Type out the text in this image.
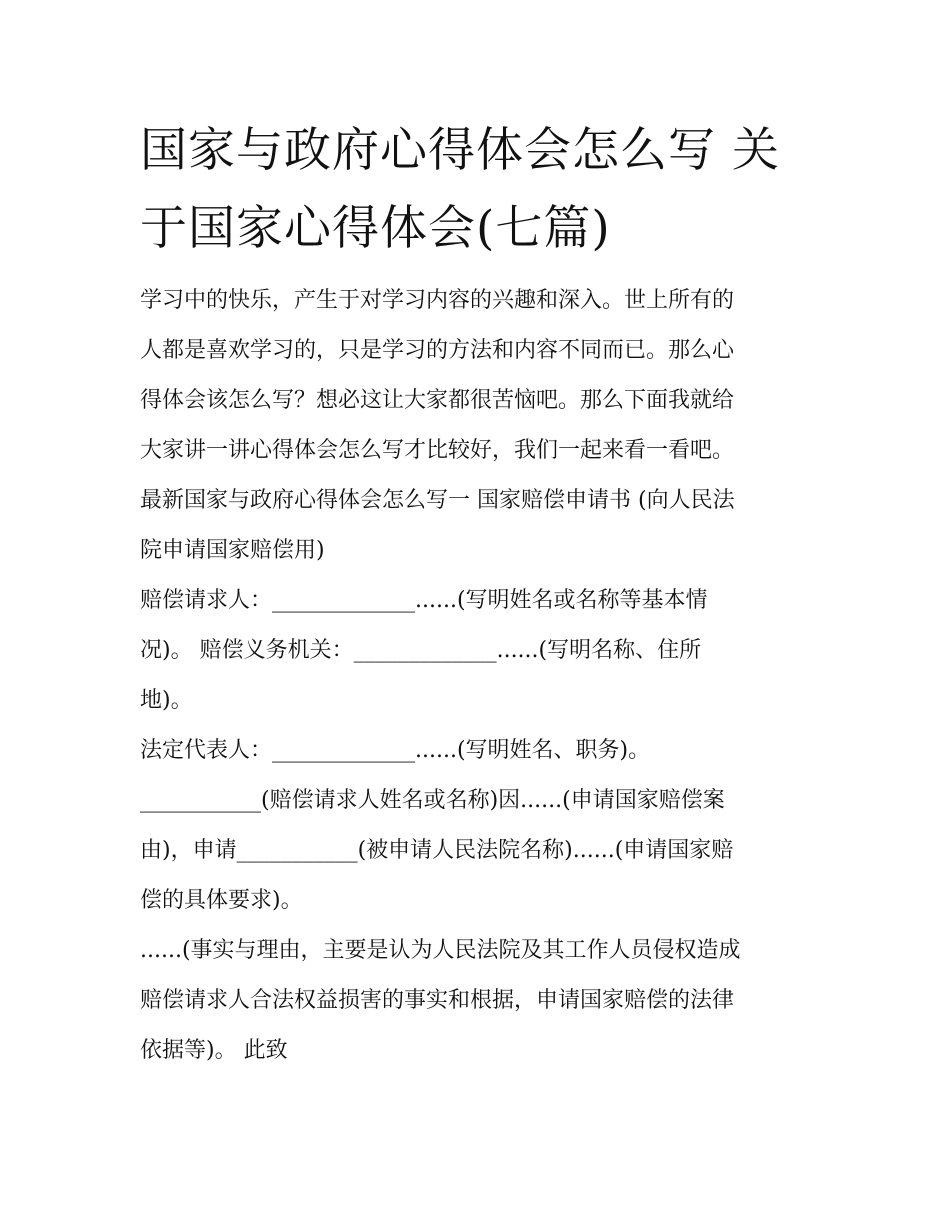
国家与政府心得体会怎么写 关
于国家心得体会(七篇)

学习中的快乐，产生于对学习内容的兴趣和深入。世上所有的

人都是喜欢学习的，只是学习的方法和内容不同而已。那么心

得体会该怎么写？想必这让大家都很苦恼吧。那么下面我就给

大家讲一讲心得体会怎么写才比较好，我们一起来看一看吧。

最新国家与政府心得体会怎么写一 国家赔偿申请书 (向人民法

院申请国家赔偿用)

赔偿请求人：_____________......(写明姓名或名称等基本情

况)。 赔偿义务机关：_____________......(写明名称、住所

地)。

法定代表人：_____________......(写明姓名、职务)。

___________(赔偿请求人姓名或名称)因......(申请国家赔偿案

由)，申请___________(被申请人民法院名称)......(申请国家赔

偿的具体要求)。

......(事实与理由，主要是认为人民法院及其工作人员侵权造成

赔偿请求人合法权益损害的事实和根据，申请国家赔偿的法律

依据等)。 此致
